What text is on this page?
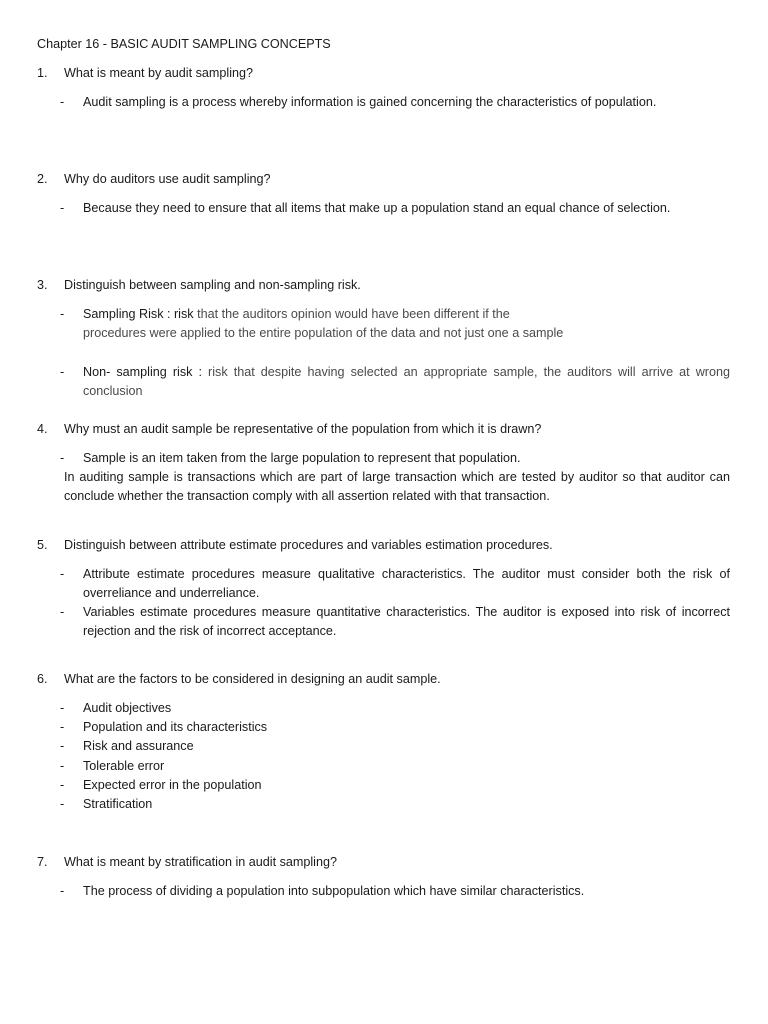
Chapter 16 - BASIC AUDIT SAMPLING CONCEPTS
1. What is meant by audit sampling?
- Audit sampling is a process whereby information is gained concerning the characteristics of population.
2. Why do auditors use audit sampling?
- Because they need to ensure that all items that make up a population stand an equal chance of selection.
3. Distinguish between sampling and non-sampling risk.
- Sampling Risk : risk that the auditors opinion would have been different if the
procedures were applied to the entire population of the data and not just one a sample
- Non- sampling risk : risk that despite having selected an appropriate sample, the auditors will arrive at wrong conclusion
4. Why must an audit sample be representative of the population from which it is drawn?
- Sample is an item taken from the large population to represent that population.
In auditing sample is transactions which are part of large transaction which are tested by auditor so that auditor can conclude whether the transaction comply with all assertion related with that transaction.
5. Distinguish between attribute estimate procedures and variables estimation procedures.
- Attribute estimate procedures measure qualitative characteristics. The auditor must consider both the risk of overreliance and underreliance.
- Variables estimate procedures measure quantitative characteristics. The auditor is exposed into risk of incorrect rejection and the risk of incorrect acceptance.
6. What are the factors to be considered in designing an audit sample.
- Audit objectives
- Population and its characteristics
- Risk and assurance
- Tolerable error
- Expected error in the population
- Stratification
7. What is meant by stratification in audit sampling?
- The process of dividing a population into subpopulation which have similar characteristics.
